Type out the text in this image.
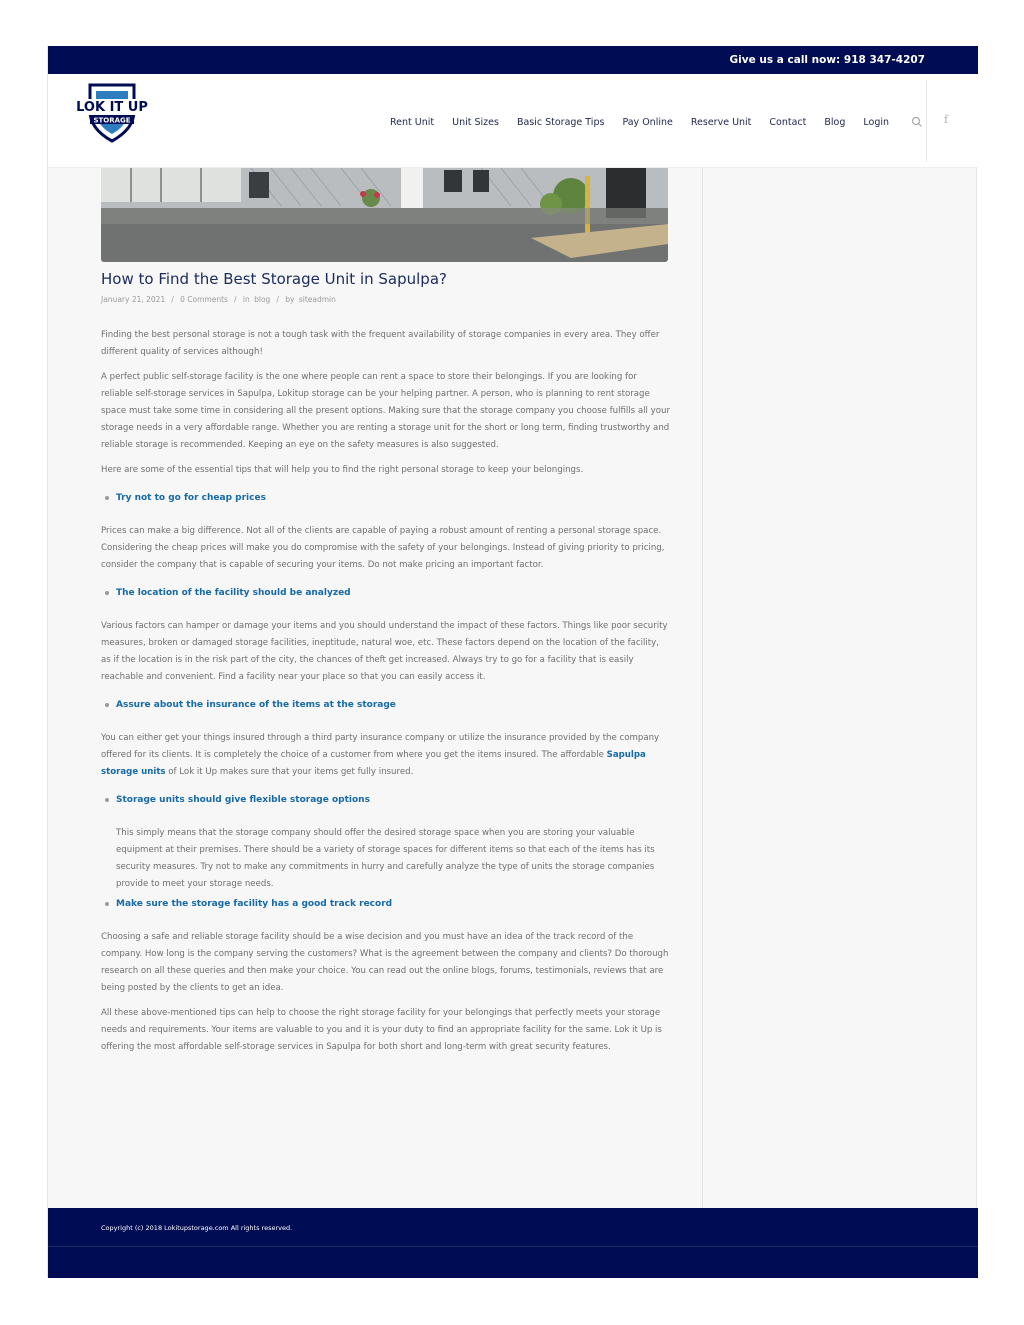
Give us a call now: 918 347-4207
LOK IT UP
STORAGE	Rent Unit Unit Sizes Basic Storage Tips Pay Online Reserve Unit Contact Blog Login	f
How to Find the Best Storage Unit in Sapulpa?
January 21, 2021 / 0 Comments / in blog / by siteadmin

Finding the best personal storage is not a tough task with the frequent availability of storage companies in every area. They offer different quality of services although!

A perfect public self-storage facility is the one where people can rent a space to store their belongings. If you are looking for reliable self-storage services in Sapulpa, Lokitup storage can be your helping partner. A person, who is planning to rent storage space must take some time in considering all the present options. Making sure that the storage company you choose fulfills all your storage needs in a very affordable range. Whether you are renting a storage unit for the short or long term, finding trustworthy and reliable storage is recommended. Keeping an eye on the safety measures is also suggested.

Here are some of the essential tips that will help you to find the right personal storage to keep your belongings.

Try not to go for cheap prices

Prices can make a big difference. Not all of the clients are capable of paying a robust amount of renting a personal storage space. Considering the cheap prices will make you do compromise with the safety of your belongings. Instead of giving priority to pricing, consider the company that is capable of securing your items. Do not make pricing an important factor.

The location of the facility should be analyzed

Various factors can hamper or damage your items and you should understand the impact of these factors. Things like poor security measures, broken or damaged storage facilities, ineptitude, natural woe, etc. These factors depend on the location of the facility, as if the location is in the risk part of the city, the chances of theft get increased. Always try to go for a facility that is easily reachable and convenient. Find a facility near your place so that you can easily access it.

Assure about the insurance of the items at the storage

You can either get your things insured through a third party insurance company or utilize the insurance provided by the company offered for its clients. It is completely the choice of a customer from where you get the items insured. The affordable Sapulpa storage units of Lok it Up makes sure that your items get fully insured.

Storage units should give flexible storage options

This simply means that the storage company should offer the desired storage space when you are storing your valuable equipment at their premises. There should be a variety of storage spaces for different items so that each of the items has its security measures. Try not to make any commitments in hurry and carefully analyze the type of units the storage companies provide to meet your storage needs.

Make sure the storage facility has a good track record

Choosing a safe and reliable storage facility should be a wise decision and you must have an idea of the track record of the company. How long is the company serving the customers? What is the agreement between the company and clients? Do thorough research on all these queries and then make your choice. You can read out the online blogs, forums, testimonials, reviews that are being posted by the clients to get an idea.

All these above-mentioned tips can help to choose the right storage facility for your belongings that perfectly meets your storage needs and requirements. Your items are valuable to you and it is your duty to find an appropriate facility for the same. Lok it Up is offering the most affordable self-storage services in Sapulpa for both short and long-term with great security features.

Copyright (c) 2018 Lokitupstorage.com All rights reserved.
